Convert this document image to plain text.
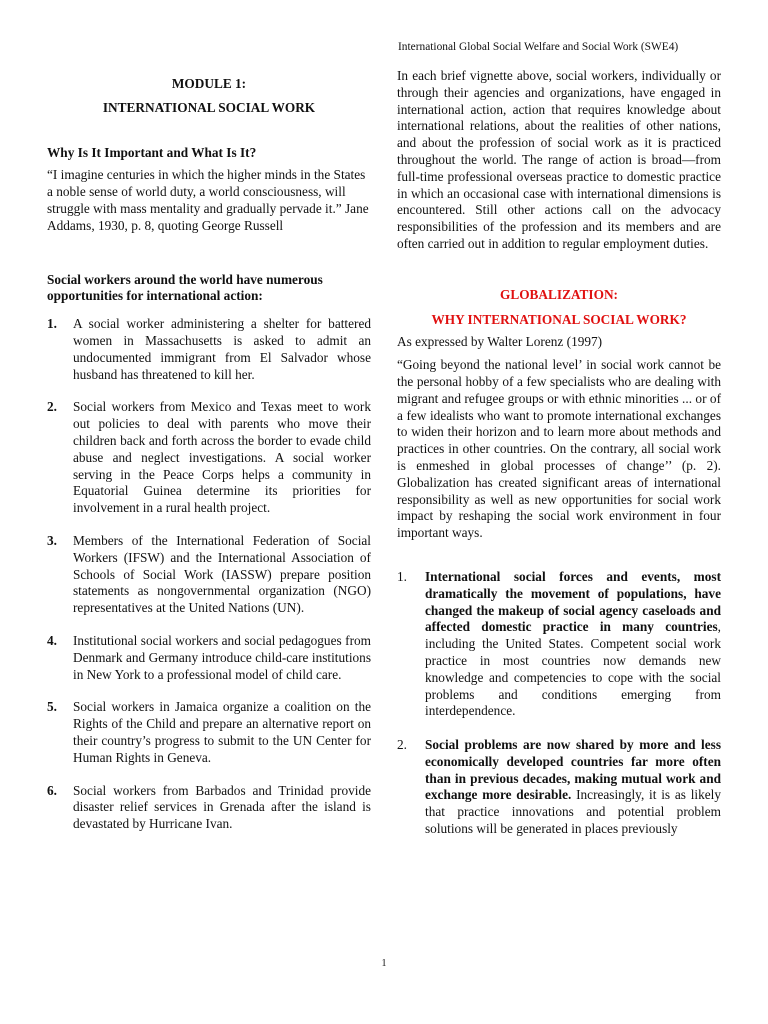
International Global Social Welfare and Social Work (SWE4)

MODULE 1:

INTERNATIONAL SOCIAL WORK

Why Is It Important and What Is It?

“I imagine centuries in which the higher minds in the States a noble sense of world duty, a world consciousness, will struggle with mass mentality and gradually pervade it.” Jane Addams, 1930, p. 8, quoting George Russell

Social workers around the world have numerous opportunities for international action:

1. A social worker administering a shelter for battered women in Massachusetts is asked to admit an undocumented immigrant from El Salvador whose husband has threatened to kill her.
2. Social workers from Mexico and Texas meet to work out policies to deal with parents who move their children back and forth across the border to evade child abuse and neglect investigations. A social worker serving in the Peace Corps helps a community in Equatorial Guinea determine its priorities for involvement in a rural health project.
3. Members of the International Federation of Social Workers (IFSW) and the International Association of Schools of Social Work (IASSW) prepare position statements as nongovernmental organization (NGO) representatives at the United Nations (UN).
4. Institutional social workers and social pedagogues from Denmark and Germany introduce child-care institutions in New York to a professional model of child care.
5. Social workers in Jamaica organize a coalition on the Rights of the Child and prepare an alternative report on their country’s progress to submit to the UN Center for Human Rights in Geneva.
6. Social workers from Barbados and Trinidad provide disaster relief services in Grenada after the island is devastated by Hurricane Ivan.

In each brief vignette above, social workers, individually or through their agencies and organizations, have engaged in international action, action that requires knowledge about international relations, about the realities of other nations, and about the profession of social work as it is practiced throughout the world. The range of action is broad—from full-time professional overseas practice to domestic practice in which an occasional case with international dimensions is encountered. Still other actions call on the advocacy responsibilities of the profession and its members and are often carried out in addition to regular employment duties.

GLOBALIZATION:

WHY INTERNATIONAL SOCIAL WORK?

As expressed by Walter Lorenz (1997)

“Going beyond the national level’ in social work cannot be the personal hobby of a few specialists who are dealing with migrant and refugee groups or with ethnic minorities ... or of a few idealists who want to promote international exchanges to widen their horizon and to learn more about methods and practices in other countries. On the contrary, all social work is enmeshed in global processes of change’’ (p. 2). Globalization has created significant areas of international responsibility as well as new opportunities for social work impact by reshaping the social work environment in four important ways.

1. International social forces and events, most dramatically the movement of populations, have changed the makeup of social agency caseloads and affected domestic practice in many countries, including the United States. Competent social work practice in most countries now demands new knowledge and competencies to cope with the social problems and conditions emerging from interdependence.
2. Social problems are now shared by more and less economically developed countries far more often than in previous decades, making mutual work and exchange more desirable. Increasingly, it is as likely that practice innovations and potential problem solutions will be generated in places previously
1
